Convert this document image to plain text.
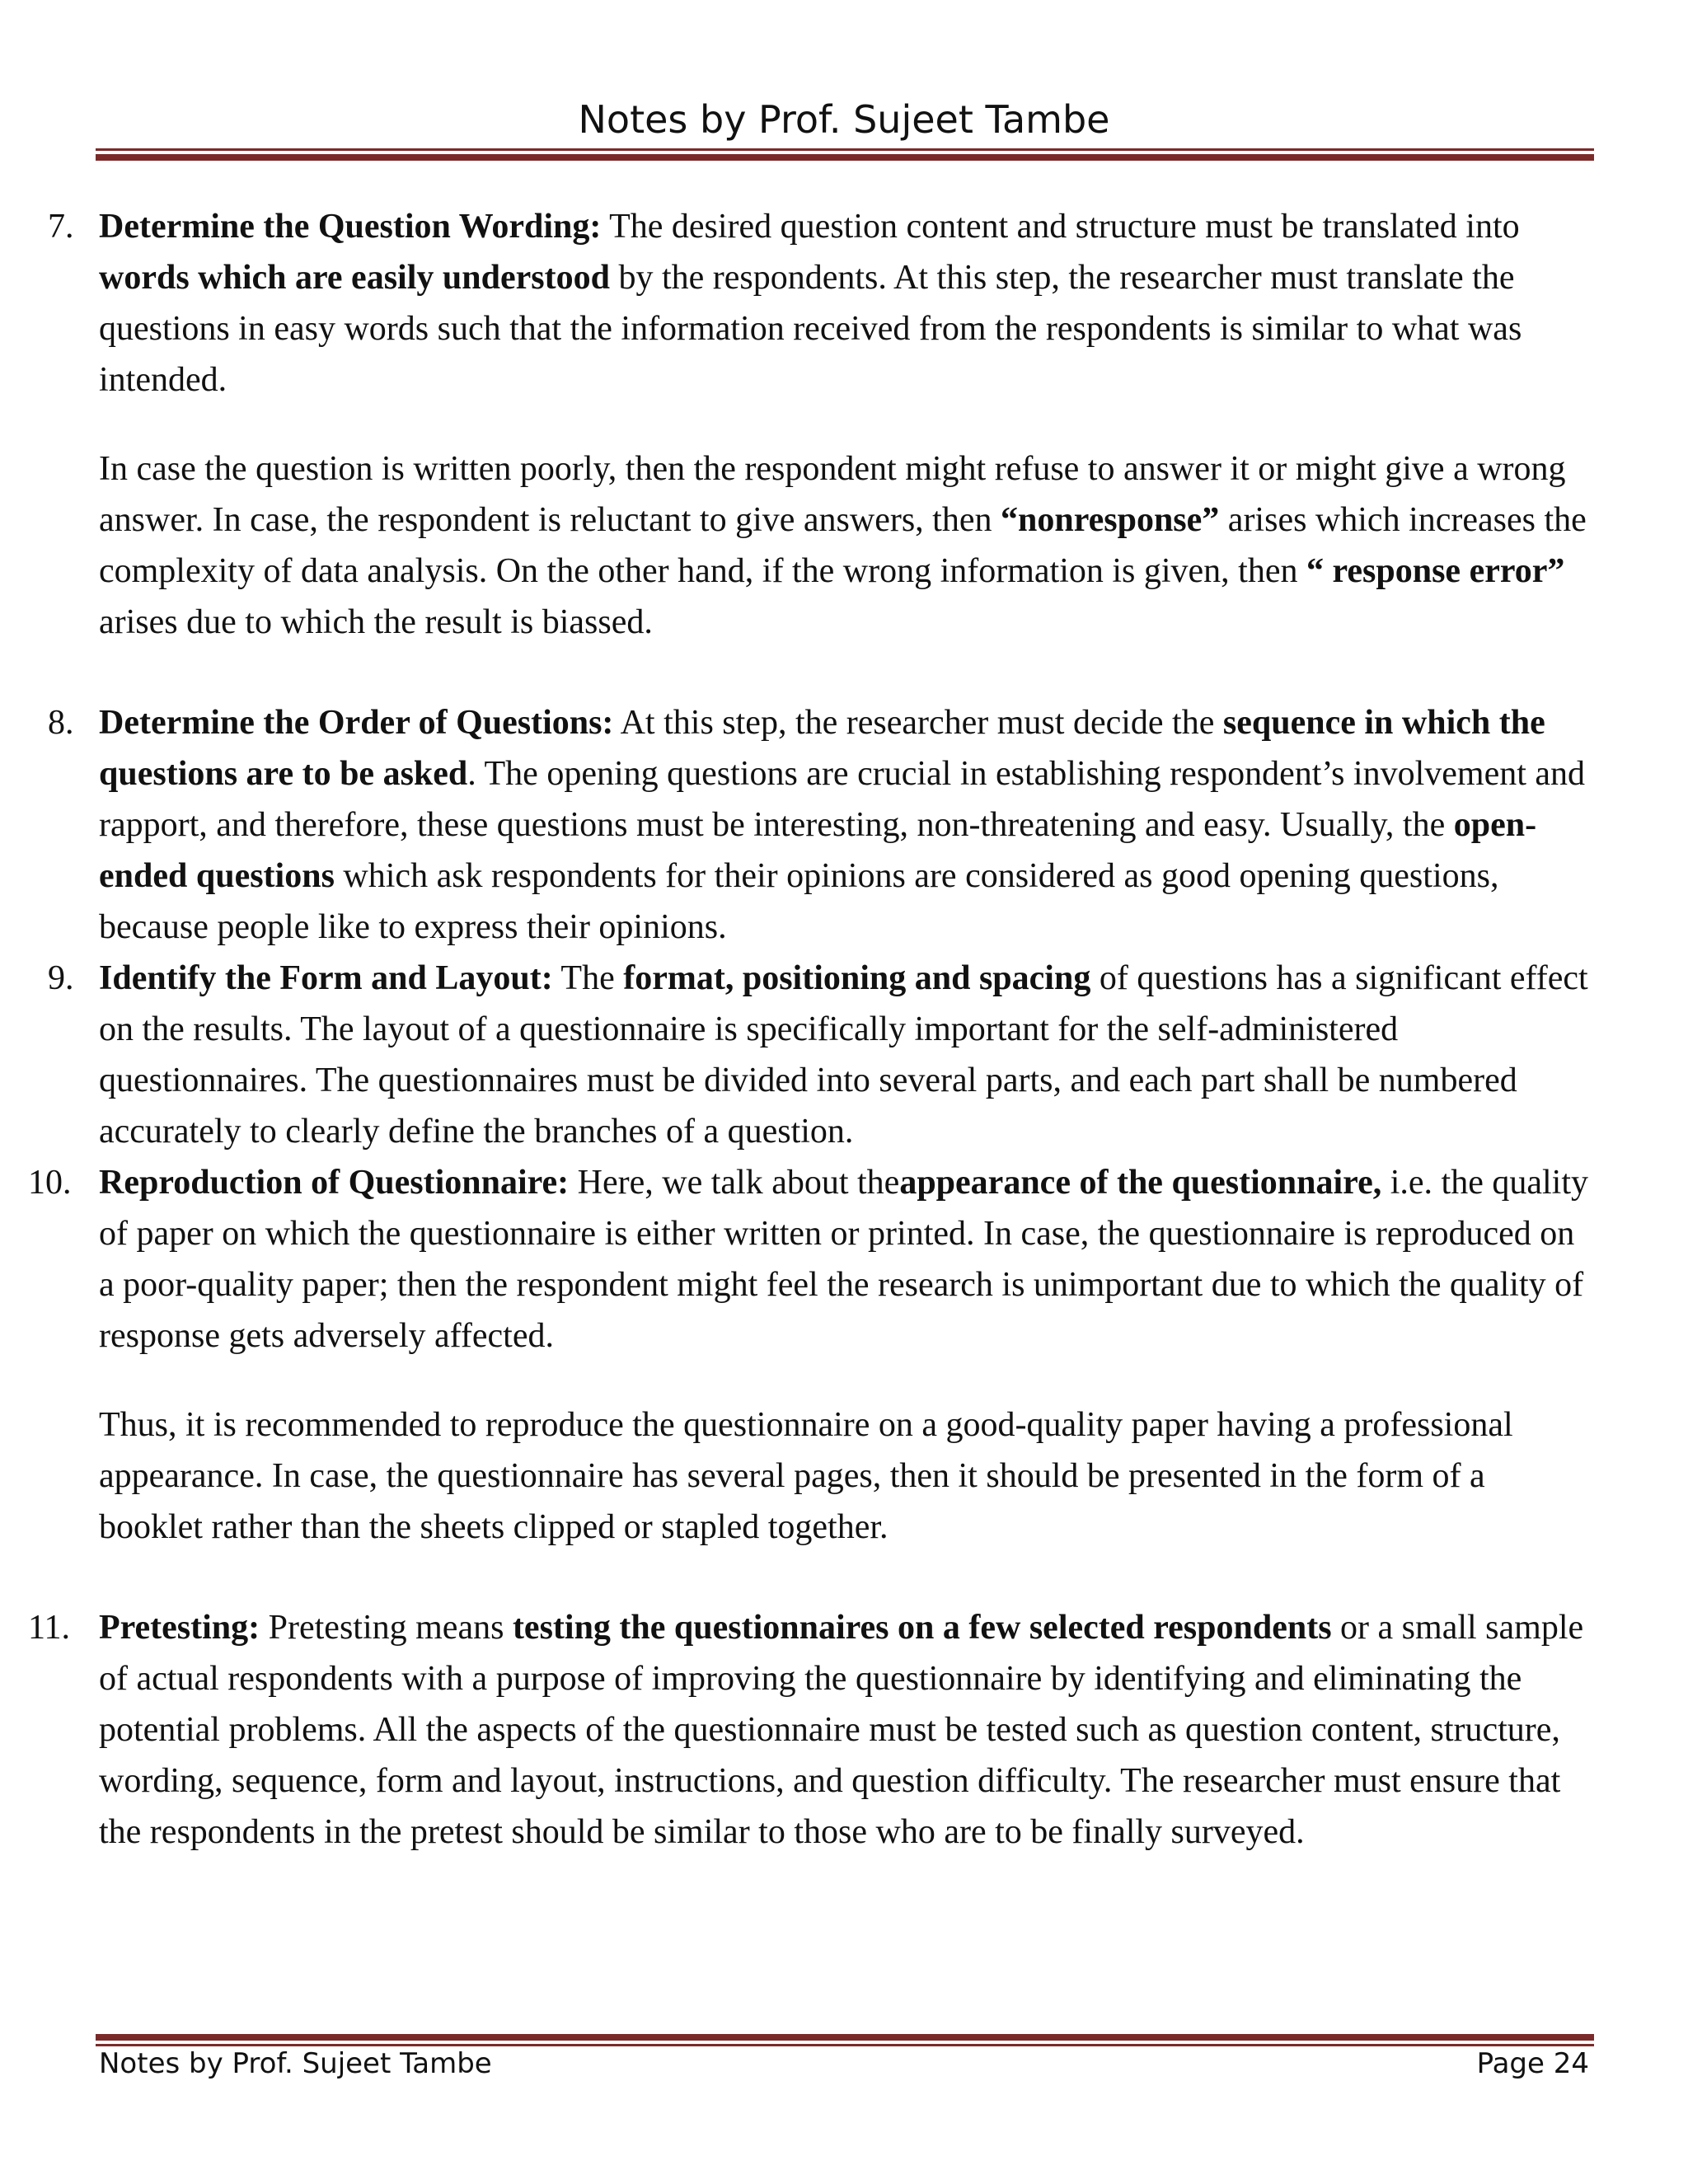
Notes by Prof. Sujeet Tambe
7. Determine the Question Wording: The desired question content and structure must be translated into words which are easily understood by the respondents. At this step, the researcher must translate the questions in easy words such that the information received from the respondents is similar to what was intended.

In case the question is written poorly, then the respondent might refuse to answer it or might give a wrong answer. In case, the respondent is reluctant to give answers, then “nonresponse” arises which increases the complexity of data analysis. On the other hand, if the wrong information is given, then “ response error” arises due to which the result is biassed.

8. Determine the Order of Questions: At this step, the researcher must decide the sequence in which the questions are to be asked. The opening questions are crucial in establishing respondent’s involvement and rapport, and therefore, these questions must be interesting, non-threatening and easy. Usually, the open-ended questions which ask respondents for their opinions are considered as good opening questions, because people like to express their opinions.

9. Identify the Form and Layout: The format, positioning and spacing of questions has a significant effect on the results. The layout of a questionnaire is specifically important for the self-administered questionnaires. The questionnaires must be divided into several parts, and each part shall be numbered accurately to clearly define the branches of a question.

10. Reproduction of Questionnaire: Here, we talk about theappearance of the questionnaire, i.e. the quality of paper on which the questionnaire is either written or printed. In case, the questionnaire is reproduced on a poor-quality paper; then the respondent might feel the research is unimportant due to which the quality of response gets adversely affected.

Thus, it is recommended to reproduce the questionnaire on a good-quality paper having a professional appearance. In case, the questionnaire has several pages, then it should be presented in the form of a booklet rather than the sheets clipped or stapled together.

11. Pretesting: Pretesting means testing the questionnaires on a few selected respondents or a small sample of actual respondents with a purpose of improving the questionnaire by identifying and eliminating the potential problems. All the aspects of the questionnaire must be tested such as question content, structure, wording, sequence, form and layout, instructions, and question difficulty. The researcher must ensure that the respondents in the pretest should be similar to those who are to be finally surveyed.

Notes by Prof. Sujeet Tambe	Page 24
